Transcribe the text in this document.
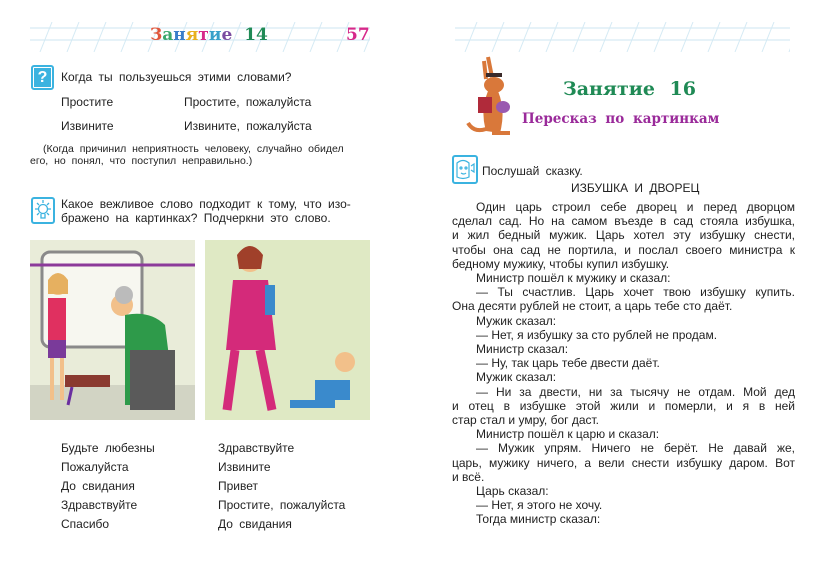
Занятие 14	57
?	Когда ты пользуешься этими словами?
Простите	Простите, пожалуйста
Извините	Извините, пожалуйста
(Когда причинил неприятность человеку, случайно обидел
его, но понял, что поступил неправильно.)
Какое вежливое слово подходит к тому, что изо-
бражено на картинках? Подчеркни это слово.
Будьте любезны
Пожалуйста
До свидания
Здравствуйте
Спасибо
Здравствуйте
Извините
Привет
Простите, пожалуйста
До свидания
Занятие 16
Пересказ по картинкам
Послушай сказку.
ИЗБУШКА И ДВОРЕЦ
Один царь строил себе дворец и перед дворцом
сделал сад. Но на самом въезде в сад стояла избушка,
и жил бедный мужик. Царь хотел эту избушку снести,
чтобы она сад не портила, и послал своего министра к
бедному мужику, чтобы купил избушку.
Министр пошёл к мужику и сказал:
— Ты счастлив. Царь хочет твою избушку купить.
Она десяти рублей не стоит, а царь тебе сто даёт.
Мужик сказал:
— Нет, я избушку за сто рублей не продам.
Министр сказал:
— Ну, так царь тебе двести даёт.
Мужик сказал:
— Ни за двести, ни за тысячу не отдам. Мой дед
и отец в избушке этой жили и померли, и я в ней
стар стал и умру, бог даст.
Министр пошёл к царю и сказал:
— Мужик упрям. Ничего не берёт. Не давай же,
царь, мужику ничего, а вели снести избушку даром. Вот
и всё.
Царь сказал:
— Нет, я этого не хочу.
Тогда министр сказал:
